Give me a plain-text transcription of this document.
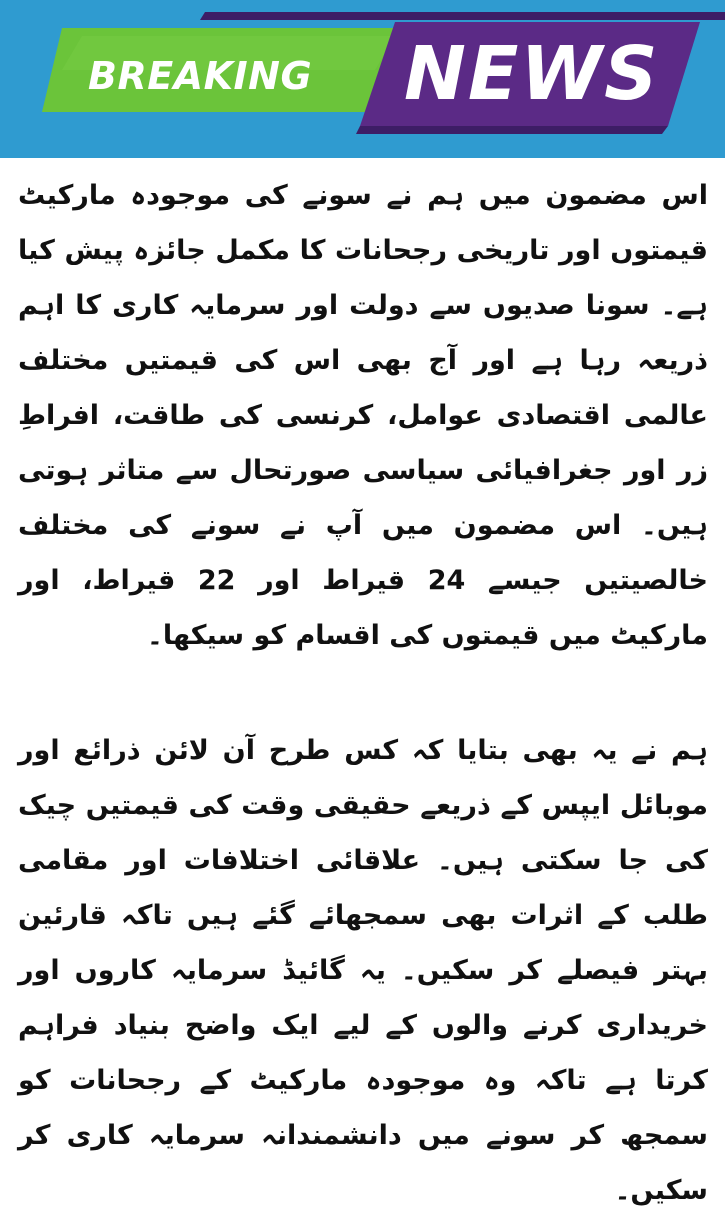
BREAKING	NEWS

اس مضمون میں ہم نے سونے کی موجودہ مارکیٹ قیمتوں اور تاریخی رجحانات کا مکمل جائزہ پیش کیا ہے۔ سونا صدیوں سے دولت اور سرمایہ کاری کا اہم ذریعہ رہا ہے اور آج بھی اس کی قیمتیں مختلف عالمی اقتصادی عوامل، کرنسی کی طاقت، افراطِ زر اور جغرافیائی سیاسی صورتحال سے متاثر ہوتی ہیں۔ اس مضمون میں آپ نے سونے کی مختلف خالصیتیں جیسے 24 قیراط اور 22 قیراط، اور مارکیٹ میں قیمتوں کی اقسام کو سیکھا۔

ہم نے یہ بھی بتایا کہ کس طرح آن لائن ذرائع اور موبائل ایپس کے ذریعے حقیقی وقت کی قیمتیں چیک کی جا سکتی ہیں۔ علاقائی اختلافات اور مقامی طلب کے اثرات بھی سمجھائے گئے ہیں تاکہ قارئین بہتر فیصلے کر سکیں۔ یہ گائیڈ سرمایہ کاروں اور خریداری کرنے والوں کے لیے ایک واضح بنیاد فراہم کرتا ہے تاکہ وہ موجودہ مارکیٹ کے رجحانات کو سمجھ کر سونے میں دانشمندانہ سرمایہ کاری کر سکیں۔
